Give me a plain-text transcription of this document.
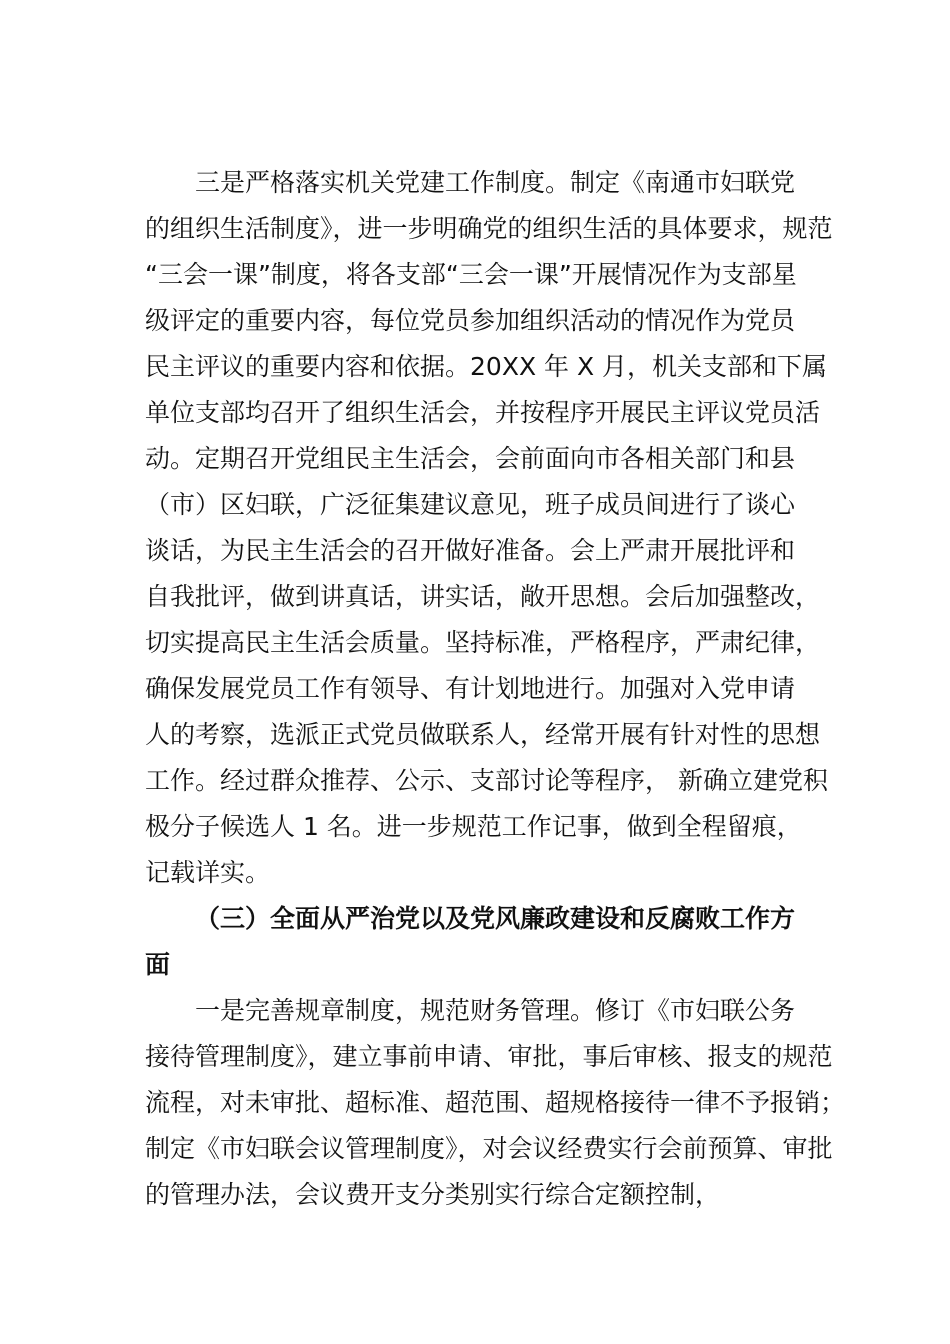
三是严格落实机关党建工作制度。制定《南通市妇联党
的组织生活制度》，进一步明确党的组织生活的具体要求，规范
“三会一课”制度，将各支部“三会一课”开展情况作为支部星
级评定的重要内容，每位党员参加组织活动的情况作为党员
民主评议的重要内容和依据。20XX 年 X 月，机关支部和下属
单位支部均召开了组织生活会，并按程序开展民主评议党员活
动。定期召开党组民主生活会，会前面向市各相关部门和县
（市）区妇联，广泛征集建议意见，班子成员间进行了谈心
谈话，为民主生活会的召开做好准备。会上严肃开展批评和
自我批评，做到讲真话，讲实话，敞开思想。会后加强整改，
切实提高民主生活会质量。坚持标准，严格程序，严肃纪律，
确保发展党员工作有领导、有计划地进行。加强对入党申请
人的考察，选派正式党员做联系人，经常开展有针对性的思想
工作。经过群众推荐、公示、支部讨论等程序， 新确立建党积
极分子候选人 1 名。进一步规范工作记事，做到全程留痕，
记载详实。
（三）全面从严治党以及党风廉政建设和反腐败工作方
面
一是完善规章制度，规范财务管理。修订《市妇联公务
接待管理制度》，建立事前申请、审批，事后审核、报支的规范
流程，对未审批、超标准、超范围、超规格接待一律不予报销；
制定《市妇联会议管理制度》，对会议经费实行会前预算、审批
的管理办法，会议费开支分类别实行综合定额控制，
